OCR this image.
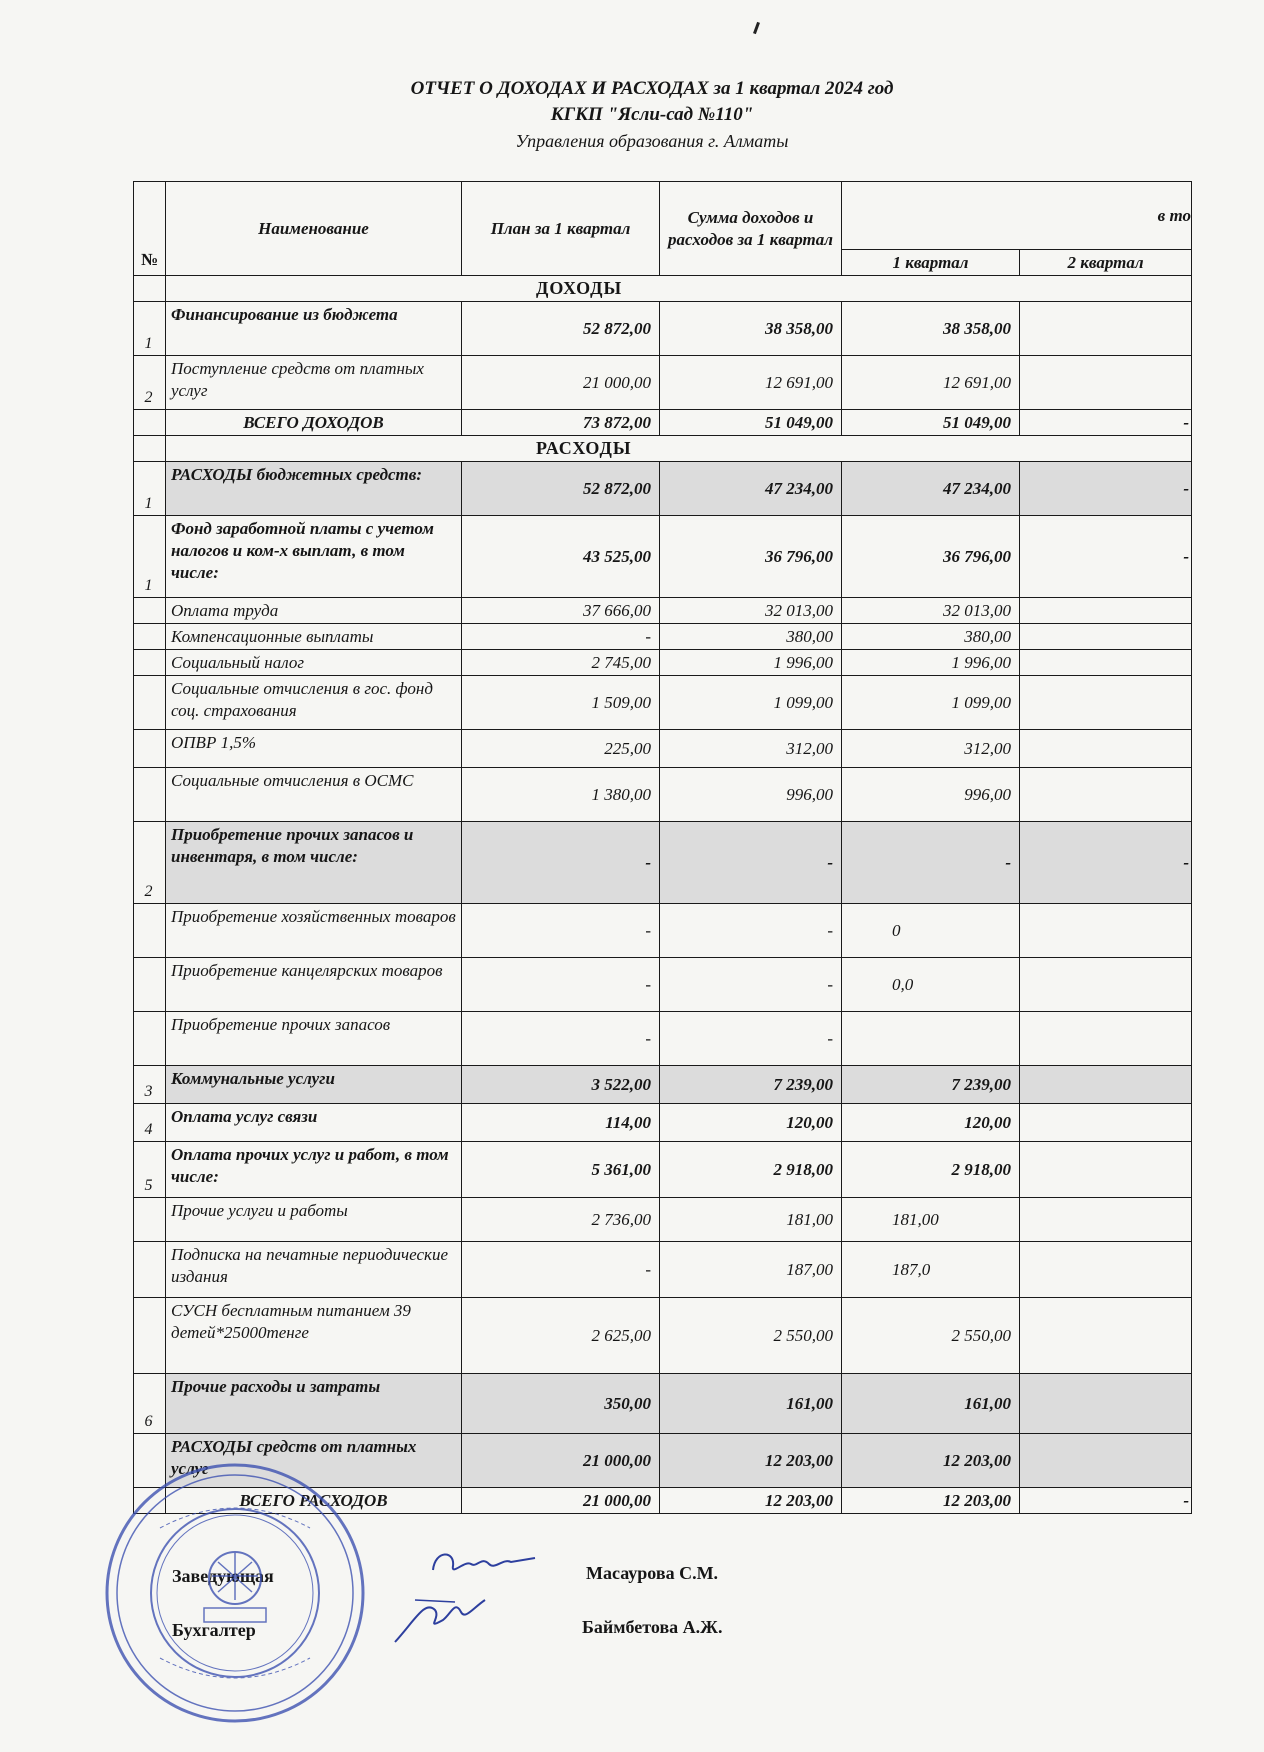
ОТЧЕТ О ДОХОДАХ И РАСХОДАХ за 1 квартал 2024 год
КГКП "Ясли-сад №110"
Управления образования г. Алматы
№	Наименование	План за 1 квартал	Сумма доходов и расходов за 1 квартал	в то	
				1 квартал	2 квартал
	ДОХОДЫ				
1	Финансирование из бюджета	52 872,00	38 358,00	38 358,00	
2	Поступление средств от платных услуг	21 000,00	12 691,00	12 691,00	
	ВСЕГО ДОХОДОВ	73 872,00	51 049,00	51 049,00	-
	РАСХОДЫ				
1	РАСХОДЫ бюджетных средств:	52 872,00	47 234,00	47 234,00	-
1	Фонд заработной платы с учетом налогов и ком-х выплат, в том числе:	43 525,00	36 796,00	36 796,00	-
	Оплата труда	37 666,00	32 013,00	32 013,00	
	Компенсационные выплаты	-	380,00	380,00	
	Социальный налог	2 745,00	1 996,00	1 996,00	
	Социальные отчисления в гос. фонд соц. страхования	1 509,00	1 099,00	1 099,00	
	ОПВР 1,5%	225,00	312,00	312,00	
	Социальные отчисления в ОСМС	1 380,00	996,00	996,00	
2	Приобретение прочих запасов и инвентаря, в том числе:	-	-	-	-
	Приобретение хозяйственных товаров	-	-	0	
	Приобретение канцелярских товаров	-	-	0,0	
	Приобретение прочих запасов	-	-		
3	Коммунальные услуги	3 522,00	7 239,00	7 239,00	
4	Оплата услуг связи	114,00	120,00	120,00	
5	Оплата прочих услуг и работ, в том числе:	5 361,00	2 918,00	2 918,00	
	Прочие услуги и работы	2 736,00	181,00	181,00	
	Подписка на печатные периодические издания	-	187,00	187,0	
	СУСН бесплатным питанием 39 детей*25000тенге	2 625,00	2 550,00	2 550,00	
6	Прочие расходы и затраты	350,00	161,00	161,00	
	РАСХОДЫ средств от платных услуг	21 000,00	12 203,00	12 203,00	
	ВСЕГО РАСХОДОВ	21 000,00	12 203,00	12 203,00	-
Заведующая	Масаурова С.М.
Бухгалтер	Баймбетова А.Ж.
